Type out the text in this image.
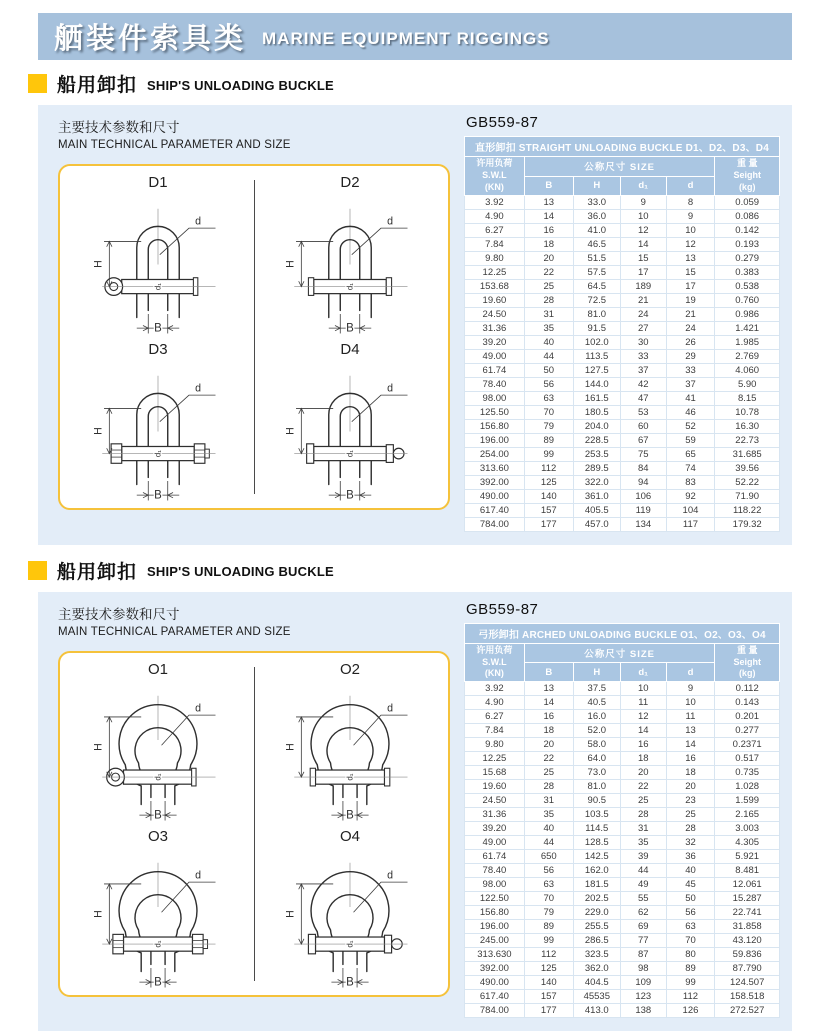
舾装件索具类 MARINE EQUIPMENT RIGGINGS
船用卸扣 SHIP'S UNLOADING BUCKLE
主要技术参数和尺寸
MAIN TECHNICAL PARAMETER AND SIZE
D1
H
d
B
d₁
D2
H
d
B
d₁
D3
H
d
B
d₁
D4
H
d
B
d₁
GB559-87
直形卸扣 STRAIGHT UNLOADING BUCKLE D1、D2、D3、D4					

许用负荷
S.W.L
(KN)
	公称尺寸 SIZE	重 量
Seight
(kg)

	B	H	d₁	d	
3.92	13	33.0	9	8	0.059
4.90	14	36.0	10	9	0.086
6.27	16	41.0	12	10	0.142
7.84	18	46.5	14	12	0.193
9.80	20	51.5	15	13	0.279
12.25	22	57.5	17	15	0.383
153.68	25	64.5	189	17	0.538
19.60	28	72.5	21	19	0.760
24.50	31	81.0	24	21	0.986
31.36	35	91.5	27	24	1.421
39.20	40	102.0	30	26	1.985
49.00	44	113.5	33	29	2.769
61.74	50	127.5	37	33	4.060
78.40	56	144.0	42	37	5.90
98.00	63	161.5	47	41	8.15
125.50	70	180.5	53	46	10.78
156.80	79	204.0	60	52	16.30
196.00	89	228.5	67	59	22.73
254.00	99	253.5	75	65	31.685
313.60	112	289.5	84	74	39.56
392.00	125	322.0	94	83	52.22
490.00	140	361.0	106	92	71.90
617.40	157	405.5	119	104	118.22
784.00	177	457.0	134	117	179.32
船用卸扣 SHIP'S UNLOADING BUCKLE
主要技术参数和尺寸
MAIN TECHNICAL PARAMETER AND SIZE
O1
H
d
B
d₁
O2
H
d
B
d₁
O3
H
d
B
d₁
O4
H
d
B
d₁
GB559-87
弓形卸扣 ARCHED UNLOADING BUCKLE O1、O2、O3、O4					

许用负荷
S.W.L
(KN)
	公称尺寸 SIZE	重 量
Seight
(kg)

	B	H	d₁	d	
3.92	13	37.5	10	9	0.112
4.90	14	40.5	11	10	0.143
6.27	16	16.0	12	11	0.201
7.84	18	52.0	14	13	0.277
9.80	20	58.0	16	14	0.2371
12.25	22	64.0	18	16	0.517
15.68	25	73.0	20	18	0.735
19.60	28	81.0	22	20	1.028
24.50	31	90.5	25	23	1.599
31.36	35	103.5	28	25	2.165
39.20	40	114.5	31	28	3.003
49.00	44	128.5	35	32	4.305
61.74	650	142.5	39	36	5.921
78.40	56	162.0	44	40	8.481
98.00	63	181.5	49	45	12.061
122.50	70	202.5	55	50	15.287
156.80	79	229.0	62	56	22.741
196.00	89	255.5	69	63	31.858
245.00	99	286.5	77	70	43.120
313.630	112	323.5	87	80	59.836
392.00	125	362.0	98	89	87.790
490.00	140	404.5	109	99	124.507
617.40	157	45535	123	112	158.518
784.00	177	413.0	138	126	272.527
